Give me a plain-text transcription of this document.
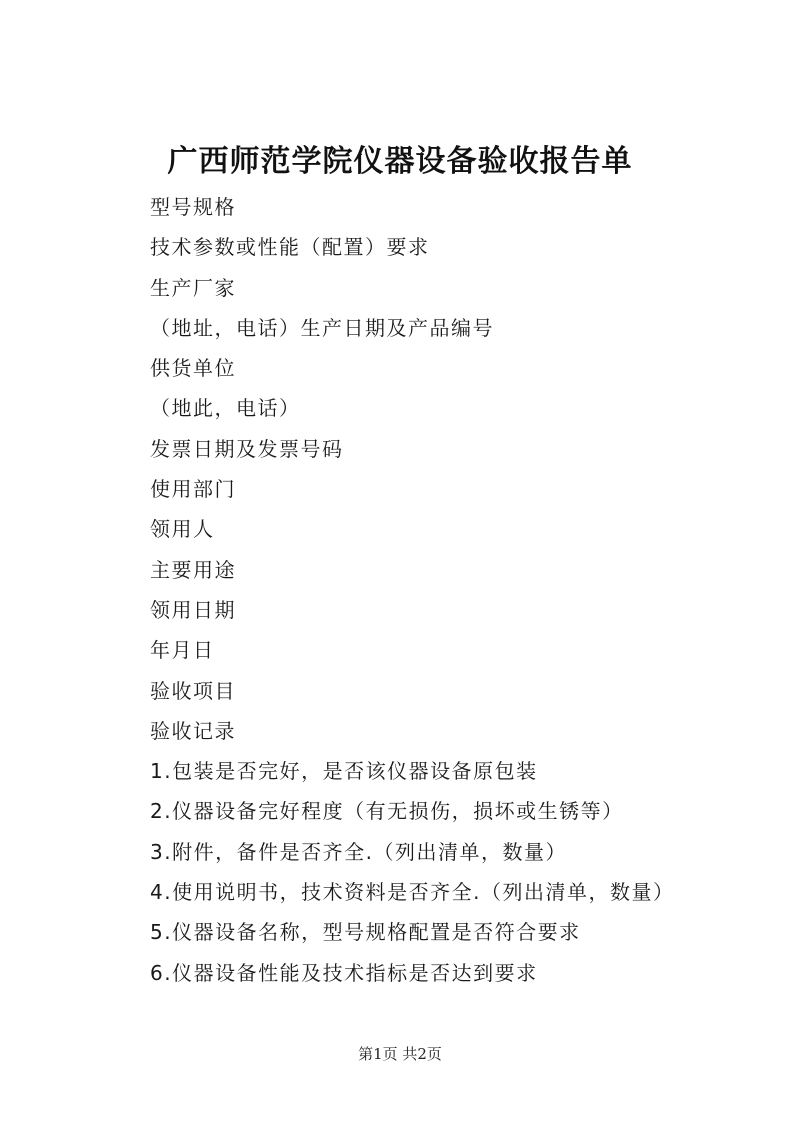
广西师范学院仪器设备验收报告单
型号规格
技术参数或性能（配置）要求
生产厂家
（地址，电话）生产日期及产品编号
供货单位
（地此，电话）
发票日期及发票号码
使用部门
领用人
主要用途
领用日期
年月日
验收项目
验收记录
1.包装是否完好，是否该仪器设备原包装
2.仪器设备完好程度（有无损伤，损坏或生锈等）
3.附件，备件是否齐全.（列出清单，数量）
4.使用说明书，技术资料是否齐全.（列出清单，数量）
5.仪器设备名称，型号规格配置是否符合要求
6.仪器设备性能及技术指标是否达到要求
第1页 共2页
